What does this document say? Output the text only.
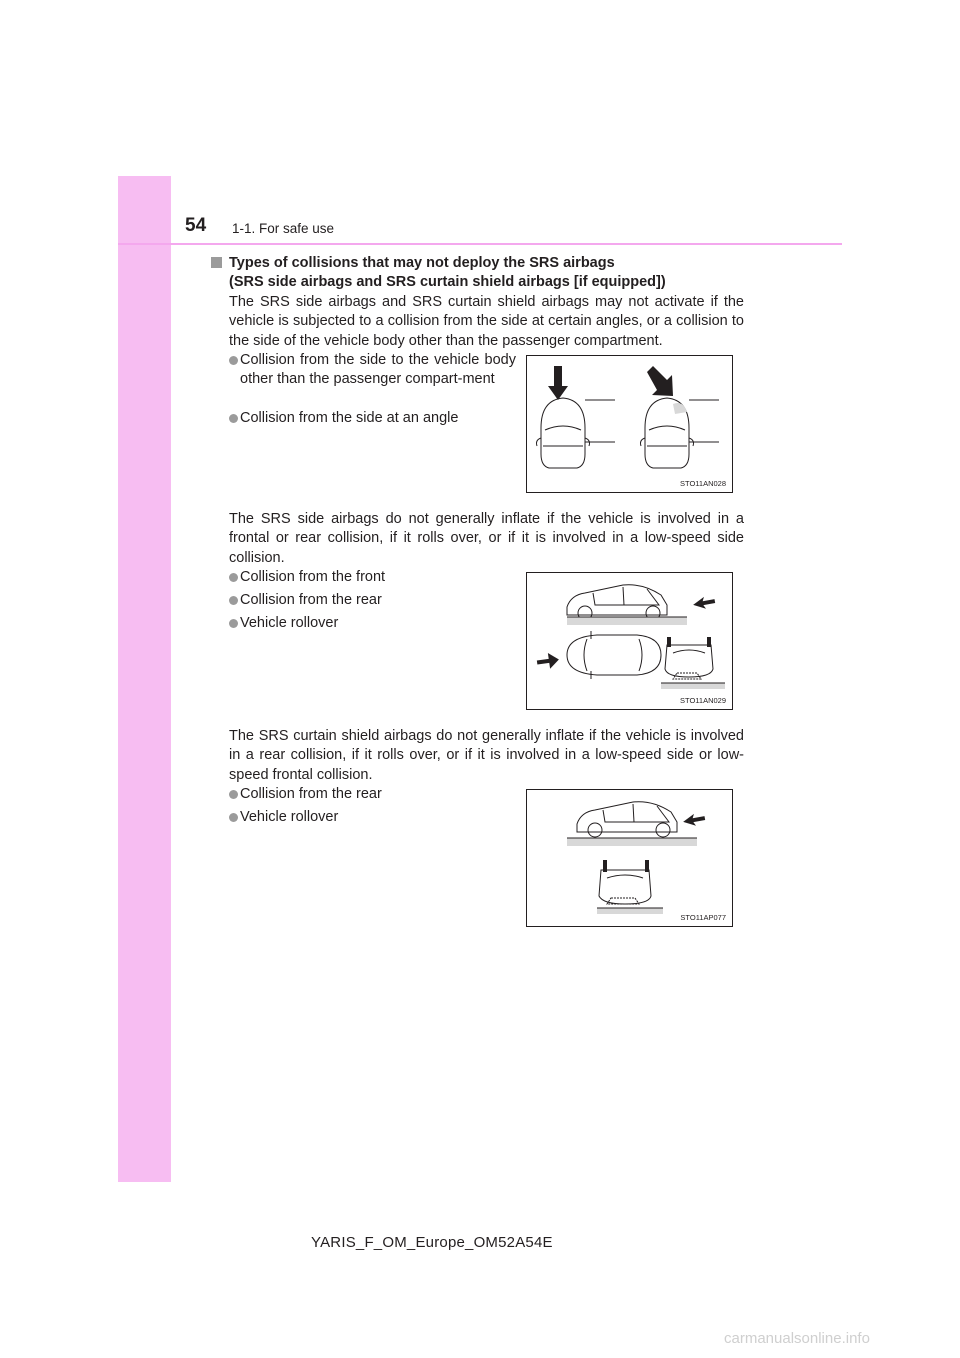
54 1-1. For safe use
Types of collisions that may not deploy the SRS airbags
(SRS side airbags and SRS curtain shield airbags [if equipped])
The SRS side airbags and SRS curtain shield airbags may not activate if the vehicle is subjected to a collision from the side at certain angles, or a collision to the side of the vehicle body other than the passenger compartment.
Collision from the side to the vehicle body other than the passenger compart-ment
Collision from the side at an angle
STO11AN028
The SRS side airbags do not generally inflate if the vehicle is involved in a frontal or rear collision, if it rolls over, or if it is involved in a low-speed side collision.
Collision from the front
Collision from the rear
Vehicle rollover
STO11AN029
The SRS curtain shield airbags do not generally inflate if the vehicle is involved in a rear collision, if it rolls over, or if it is involved in a low-speed side or low-speed frontal collision.
Collision from the rear
Vehicle rollover
STO11AP077
YARIS_F_OM_Europe_OM52A54E
carmanualsonline.info
